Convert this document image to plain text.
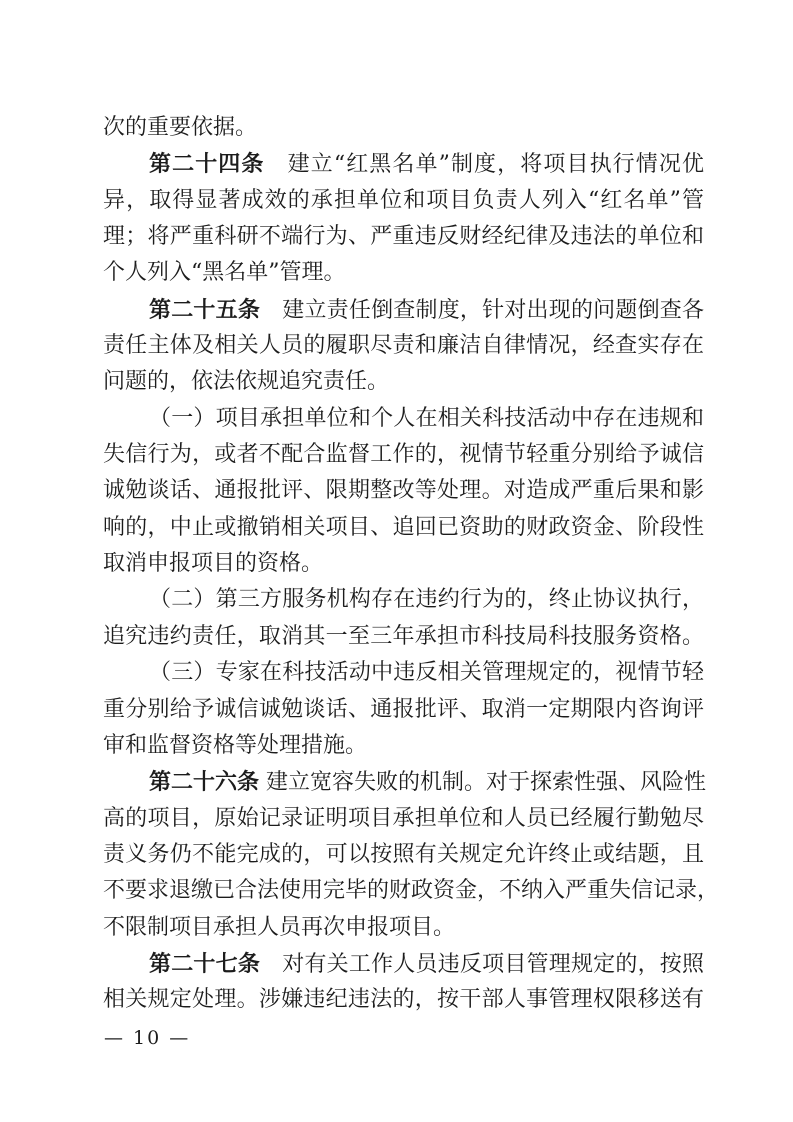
次的重要依据。
第二十四条　建立“红黑名单”制度，将项目执行情况优
异，取得显著成效的承担单位和项目负责人列入“红名单”管
理；将严重科研不端行为、严重违反财经纪律及违法的单位和
个人列入“黑名单”管理。
第二十五条　建立责任倒查制度，针对出现的问题倒查各
责任主体及相关人员的履职尽责和廉洁自律情况，经查实存在
问题的，依法依规追究责任。
（一）项目承担单位和个人在相关科技活动中存在违规和
失信行为，或者不配合监督工作的，视情节轻重分别给予诚信
诚勉谈话、通报批评、限期整改等处理。对造成严重后果和影
响的，中止或撤销相关项目、追回已资助的财政资金、阶段性
取消申报项目的资格。
（二）第三方服务机构存在违约行为的，终止协议执行，
追究违约责任，取消其一至三年承担市科技局科技服务资格。
（三）专家在科技活动中违反相关管理规定的，视情节轻
重分别给予诚信诚勉谈话、通报批评、取消一定期限内咨询评
审和监督资格等处理措施。
第二十六条 建立宽容失败的机制。对于探索性强、风险性
高的项目，原始记录证明项目承担单位和人员已经履行勤勉尽
责义务仍不能完成的，可以按照有关规定允许终止或结题，且
不要求退缴已合法使用完毕的财政资金，不纳入严重失信记录，
不限制项目承担人员再次申报项目。
第二十七条　对有关工作人员违反项目管理规定的，按照
相关规定处理。涉嫌违纪违法的，按干部人事管理权限移送有
— 10 —
